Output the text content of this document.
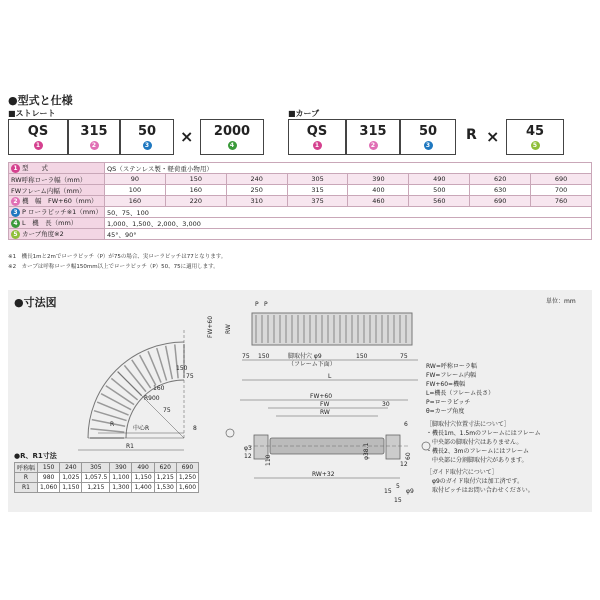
●型式と仕様
■ストレート
QS
1
315
2
50
3 × 2000
4
■カーブ
QS
1
315
2
50
3
R × 45
5
1 型　　式	QS（ステンレス製・軽荷重小物用）							
RW呼称ローラ幅（mm）	90	150	240	305	390	490	620	690
FWフレーム内幅（mm）	100	160	250	315	400	500	630	700
2 機　幅　FW+60（mm）	160	220	310	375	460	560	690	760
3 P ローラピッチ※1（mm）	50、75、100							
4 L　機　長（mm）	1,000、1,500、2,000、3,000							
5 カーブ角度※2	45°、90°							
※1　機長1mと2mでローラピッチ（P）が75の場合、実ローラピッチは77となります。
※2　カーブは呼称ローラ幅150mm以上でローラピッチ（P）50、75に適用します。
●寸法図	単位：mm
150
75
160
R900
75
R
中心R
R1
8
P P
FW+60 RW
75 150	脚取付穴 φ9
（フレーム下面）
150	75
L
FW+60
FW	30
RW
6
φ3
12 110
φ38.1
12
60
RW+32
15
5
φ9
15
RW=呼称ローラ幅
FW=フレーム内幅
FW+60=機幅
L=機長（フレーム長さ）
P=ローラピッチ
θ=カーブ角度
［脚取付穴位置寸法について］
・機長1m、1.5mのフレームにはフレーム
　中央部の脚取付穴はありません。
・機長2、3mのフレームにはフレーム
　中央部に分割脚取付穴があります。
［ガイド取付穴について］
　φ9のガイド取付穴は加工済です。
　取付ピッチはお問い合わせください。
●R、R1寸法
呼称幅	150	240	305	390	490	620	690
R	980	1,025	1,057.5	1,100	1,150	1,215	1,250
R1	1,060	1,150	1,215	1,300	1,400	1,530	1,600
